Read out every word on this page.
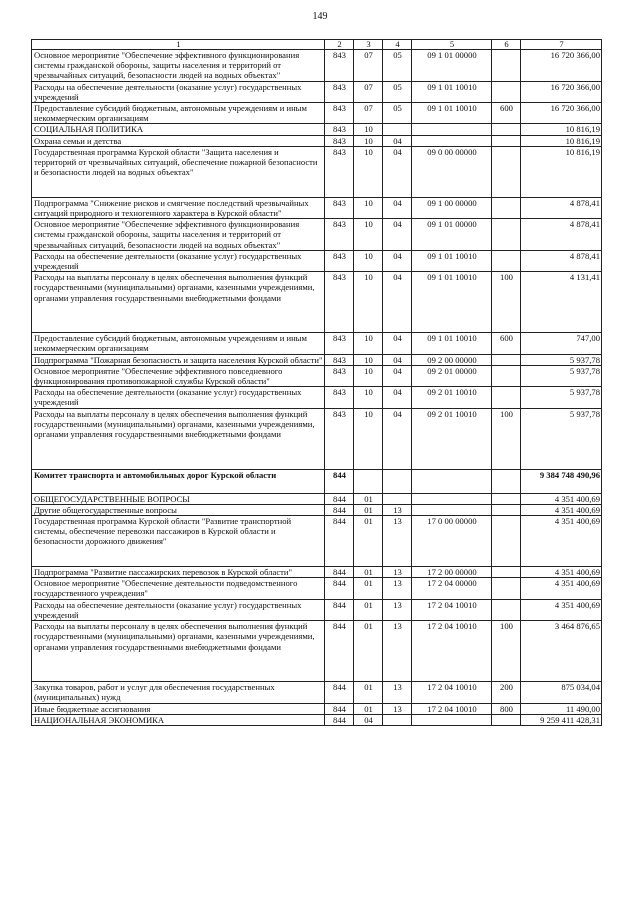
149
1	2	3	4	5	6	7
Основное мероприятие "Обеспечение эффективного функционирования системы гражданской обороны, защиты населения и территорий от чрезвычайных ситуаций, безопасности людей на водных объектах"	843	07	05	09 1 01 00000		16 720 366,00
Расходы на обеспечение деятельности (оказание услуг) государственных учреждений	843	07	05	09 1 01 10010		16 720 366,00
Предоставление субсидий бюджетным, автономным учреждениям и иным некоммерческим организациям	843	07	05	09 1 01 10010	600	16 720 366,00
СОЦИАЛЬНАЯ ПОЛИТИКА	843	10				10 816,19
Охрана семьи и детства	843	10	04			10 816,19
Государственная программа Курской области "Защита населения и территорий от чрезвычайных ситуаций, обеспечение пожарной безопасности и безопасности людей на водных объектах"	843	10	04	09 0 00 00000		10 816,19
Подпрограмма "Снижение рисков и смягчение последствий чрезвычайных ситуаций природного и техногенного характера в Курской области"	843	10	04	09 1 00 00000		4 878,41
Основное мероприятие "Обеспечение эффективного функционирования системы гражданской обороны, защиты населения и территорий от чрезвычайных ситуаций, безопасности людей на водных объектах"	843	10	04	09 1 01 00000		4 878,41
Расходы на обеспечение деятельности (оказание услуг) государственных учреждений	843	10	04	09 1 01 10010		4 878,41
Расходы на выплаты персоналу в целях обеспечения выполнения функций государственными (муниципальными) органами, казенными учреждениями, органами управления государственными внебюджетными фондами	843	10	04	09 1 01 10010	100	4 131,41
Предоставление субсидий бюджетным, автономным учреждениям и иным некоммерческим организациям	843	10	04	09 1 01 10010	600	747,00
Подпрограмма "Пожарная безопасность и защита населения Курской области"	843	10	04	09 2 00 00000		5 937,78
Основное мероприятие "Обеспечение эффективного повседневного функционирования противопожарной службы Курской области"	843	10	04	09 2 01 00000		5 937,78
Расходы на обеспечение деятельности (оказание услуг) государственных учреждений	843	10	04	09 2 01 10010		5 937,78
Расходы на выплаты персоналу в целях обеспечения выполнения функций государственными (муниципальными) органами, казенными учреждениями, органами управления государственными внебюджетными фондами	843	10	04	09 2 01 10010	100	5 937,78
Комитет транспорта и автомобильных дорог Курской области	844					9 384 748 490,96
ОБЩЕГОСУДАРСТВЕННЫЕ ВОПРОСЫ	844	01				4 351 400,69
Другие общегосударственные вопросы	844	01	13			4 351 400,69
Государственная программа Курской области "Развитие транспортной системы, обеспечение перевозки пассажиров в Курской области и безопасности дорожного движения"	844	01	13	17 0 00 00000		4 351 400,69
Подпрограмма "Развитие пассажирских перевозок в Курской области"	844	01	13	17 2 00 00000		4 351 400,69
Основное мероприятие "Обеспечение деятельности подведомственного государственного учреждения"	844	01	13	17 2 04 00000		4 351 400,69
Расходы на обеспечение деятельности (оказание услуг) государственных учреждений	844	01	13	17 2 04 10010		4 351 400,69
Расходы на выплаты персоналу в целях обеспечения выполнения функций государственными (муниципальными) органами, казенными учреждениями, органами управления государственными внебюджетными фондами	844	01	13	17 2 04 10010	100	3 464 876,65
Закупка товаров, работ и услуг для обеспечения государственных (муниципальных) нужд	844	01	13	17 2 04 10010	200	875 034,04
Иные бюджетные ассигнования	844	01	13	17 2 04 10010	800	11 490,00
НАЦИОНАЛЬНАЯ ЭКОНОМИКА	844	04				9 259 411 428,31
